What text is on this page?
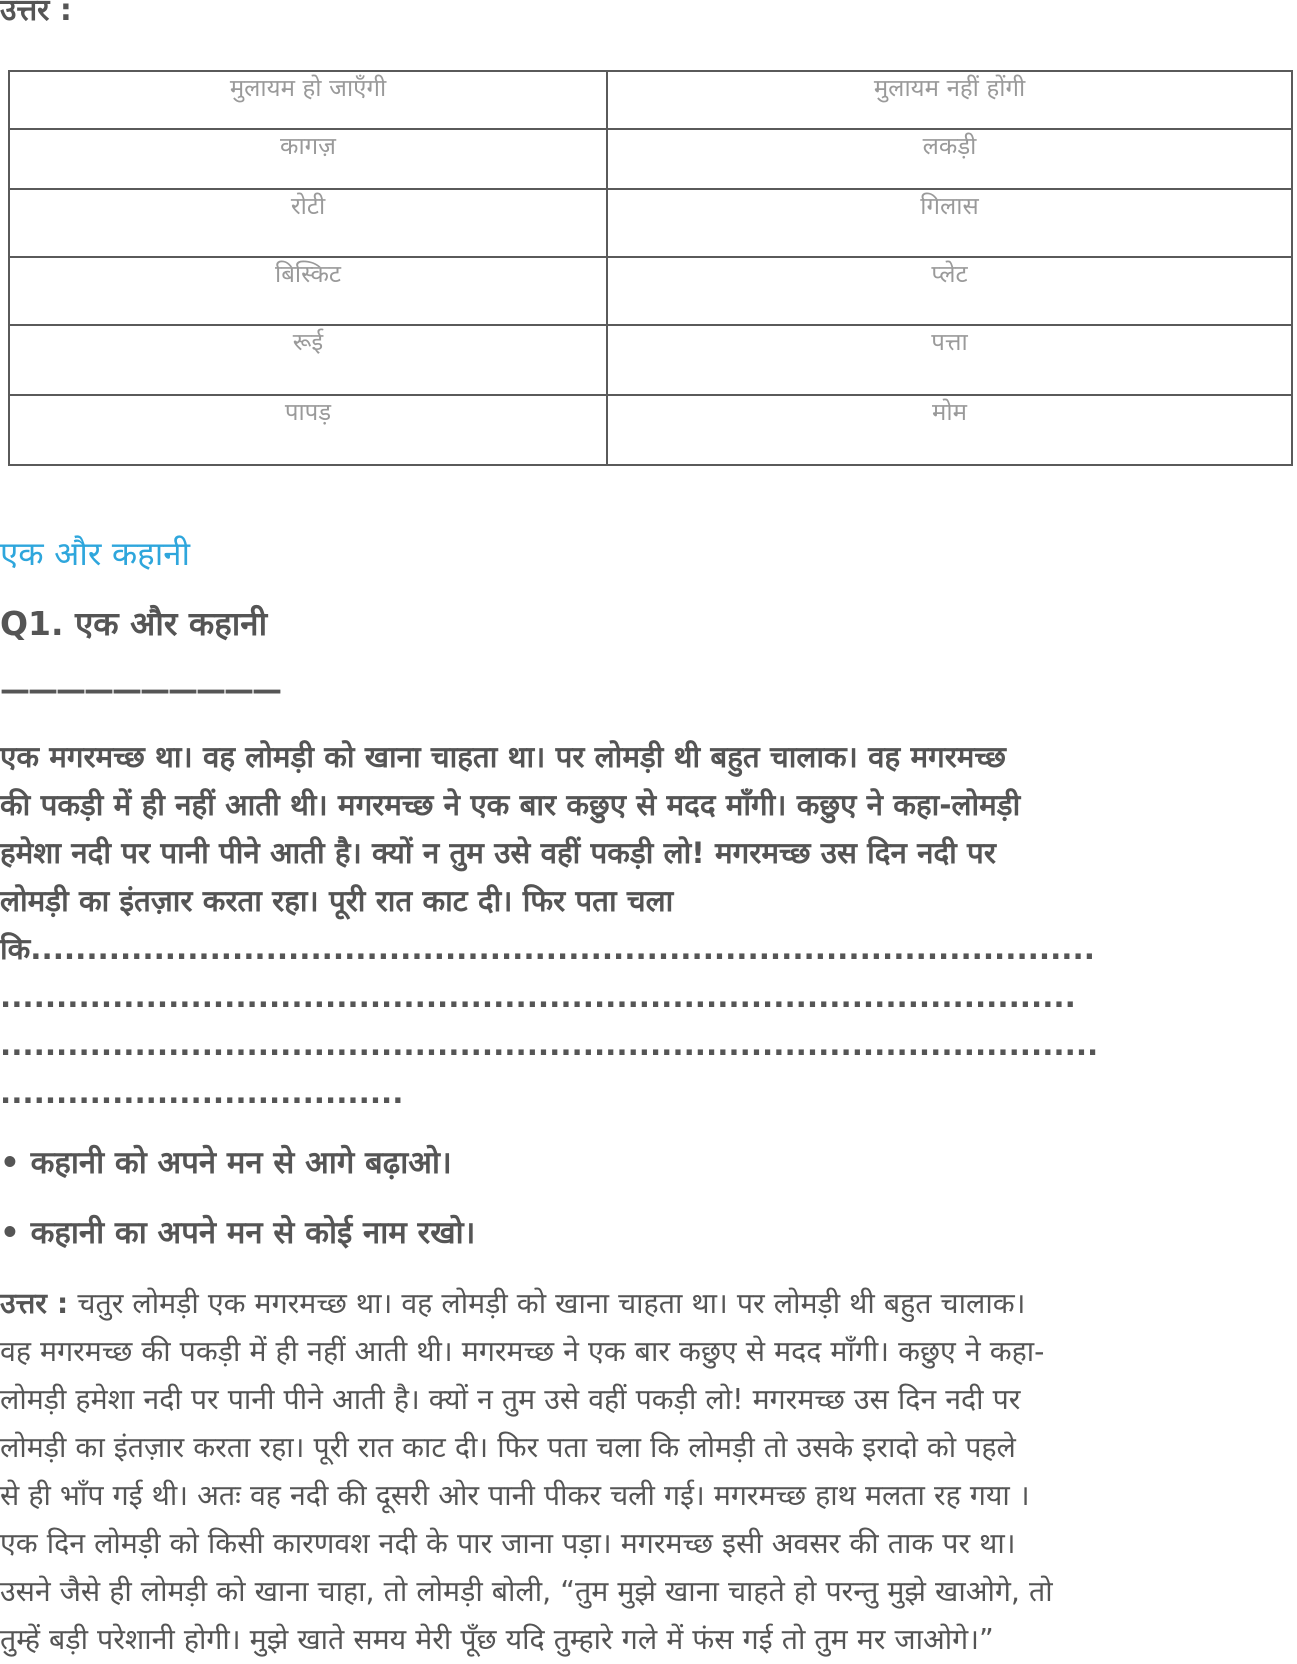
उत्तर :

मुलायम हो जाएँगी	मुलायम नहीं होंगी
कागज़	लकड़ी
रोटी	गिलास
बिस्किट	प्लेट
रूई	पत्ता
पापड़	मोम
एक और कहानी

Q1. एक और कहानी

——————————

एक मगरमच्छ था। वह लोमड़ी को खाना चाहता था। पर लोमड़ी थी बहुत चालाक। वह मगरमच्छ

की पकड़ी में ही नहीं आती थी। मगरमच्छ ने एक बार कछुए से मदद माँगी। कछुए ने कहा-लोमड़ी

हमेशा नदी पर पानी पीने आती है। क्यों न तुम उसे वहीं पकड़ी लो! मगरमच्छ उस दिन नदी पर

लोमड़ी का इंतज़ार करता रहा। पूरी रात काट दी। फिर पता चला

कि...............................................................................................

................................................................................................

..................................................................................................

....................................

• कहानी को अपने मन से आगे बढ़ाओ।

• कहानी का अपने मन से कोई नाम रखो।

उत्तर : चतुर लोमड़ी एक मगरमच्छ था। वह लोमड़ी को खाना चाहता था। पर लोमड़ी थी बहुत चालाक।

वह मगरमच्छ की पकड़ी में ही नहीं आती थी। मगरमच्छ ने एक बार कछुए से मदद माँगी। कछुए ने कहा-

लोमड़ी हमेशा नदी पर पानी पीने आती है। क्यों न तुम उसे वहीं पकड़ी लो! मगरमच्छ उस दिन नदी पर

लोमड़ी का इंतज़ार करता रहा। पूरी रात काट दी। फिर पता चला कि लोमड़ी तो उसके इरादो को पहले

से ही भाँप गई थी। अतः वह नदी की दूसरी ओर पानी पीकर चली गई। मगरमच्छ हाथ मलता रह गया ।

एक दिन लोमड़ी को किसी कारणवश नदी के पार जाना पड़ा। मगरमच्छ इसी अवसर की ताक पर था।

उसने जैसे ही लोमड़ी को खाना चाहा, तो लोमड़ी बोली, “तुम मुझे खाना चाहते हो परन्तु मुझे खाओगे, तो

तुम्हें बड़ी परेशानी होगी। मुझे खाते समय मेरी पूँछ यदि तुम्हारे गले में फंस गई तो तुम मर जाओगे।”
